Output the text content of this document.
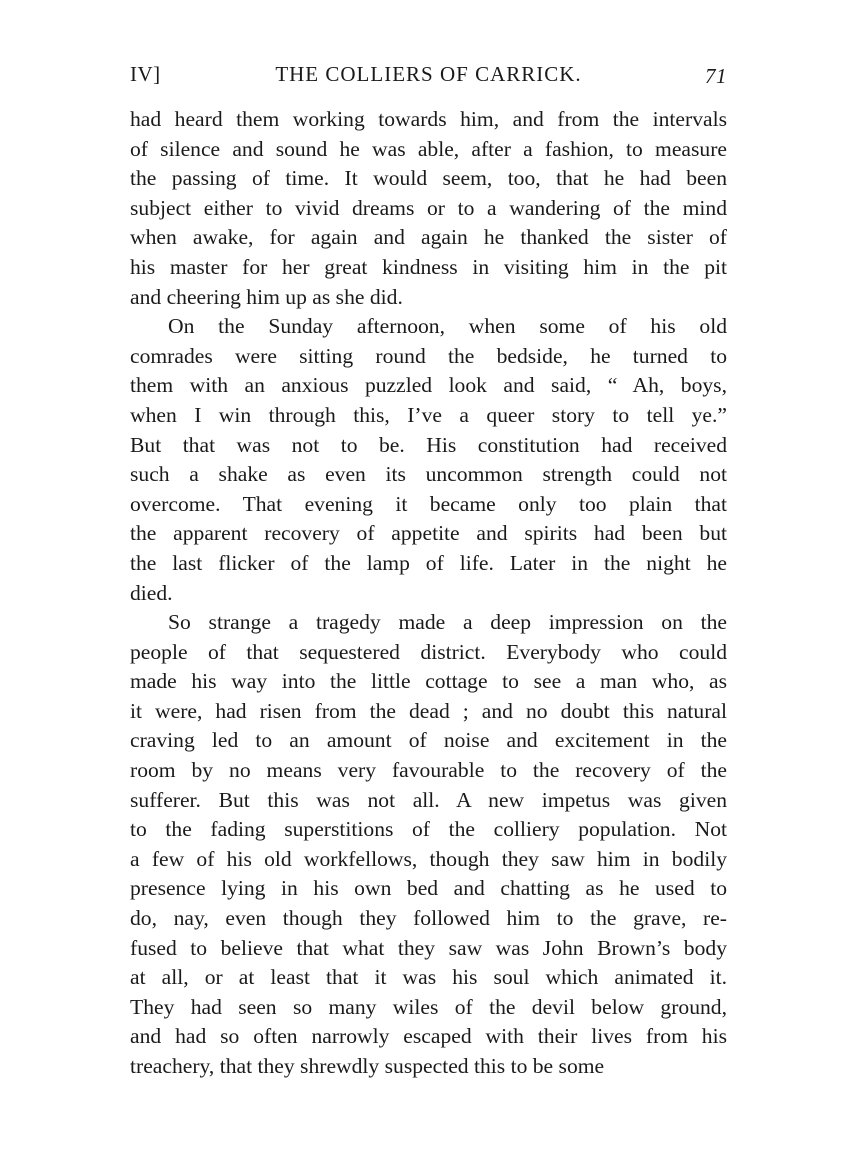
IV]	THE COLLIERS OF CARRICK.	71
had heard them working towards him, and from the intervals
of silence and sound he was able, after a fashion, to measure
the passing of time. It would seem, too, that he had been
subject either to vivid dreams or to a wandering of the mind
when awake, for again and again he thanked the sister of
his master for her great kindness in visiting him in the pit
and cheering him up as she did.
On the Sunday afternoon, when some of his old
comrades were sitting round the bedside, he turned to
them with an anxious puzzled look and said, “ Ah, boys,
when I win through this, I’ve a queer story to tell ye.”
But that was not to be. His constitution had received
such a shake as even its uncommon strength could not
overcome. That evening it became only too plain that
the apparent recovery of appetite and spirits had been but
the last flicker of the lamp of life. Later in the night he
died.
So strange a tragedy made a deep impression on the
people of that sequestered district. Everybody who could
made his way into the little cottage to see a man who, as
it were, had risen from the dead ; and no doubt this natural
craving led to an amount of noise and excitement in the
room by no means very favourable to the recovery of the
sufferer. But this was not all. A new impetus was given
to the fading superstitions of the colliery population. Not
a few of his old workfellows, though they saw him in bodily
presence lying in his own bed and chatting as he used to
do, nay, even though they followed him to the grave, re-
fused to believe that what they saw was John Brown’s body
at all, or at least that it was his soul which animated it.
They had seen so many wiles of the devil below ground,
and had so often narrowly escaped with their lives from his
treachery, that they shrewdly suspected this to be some
